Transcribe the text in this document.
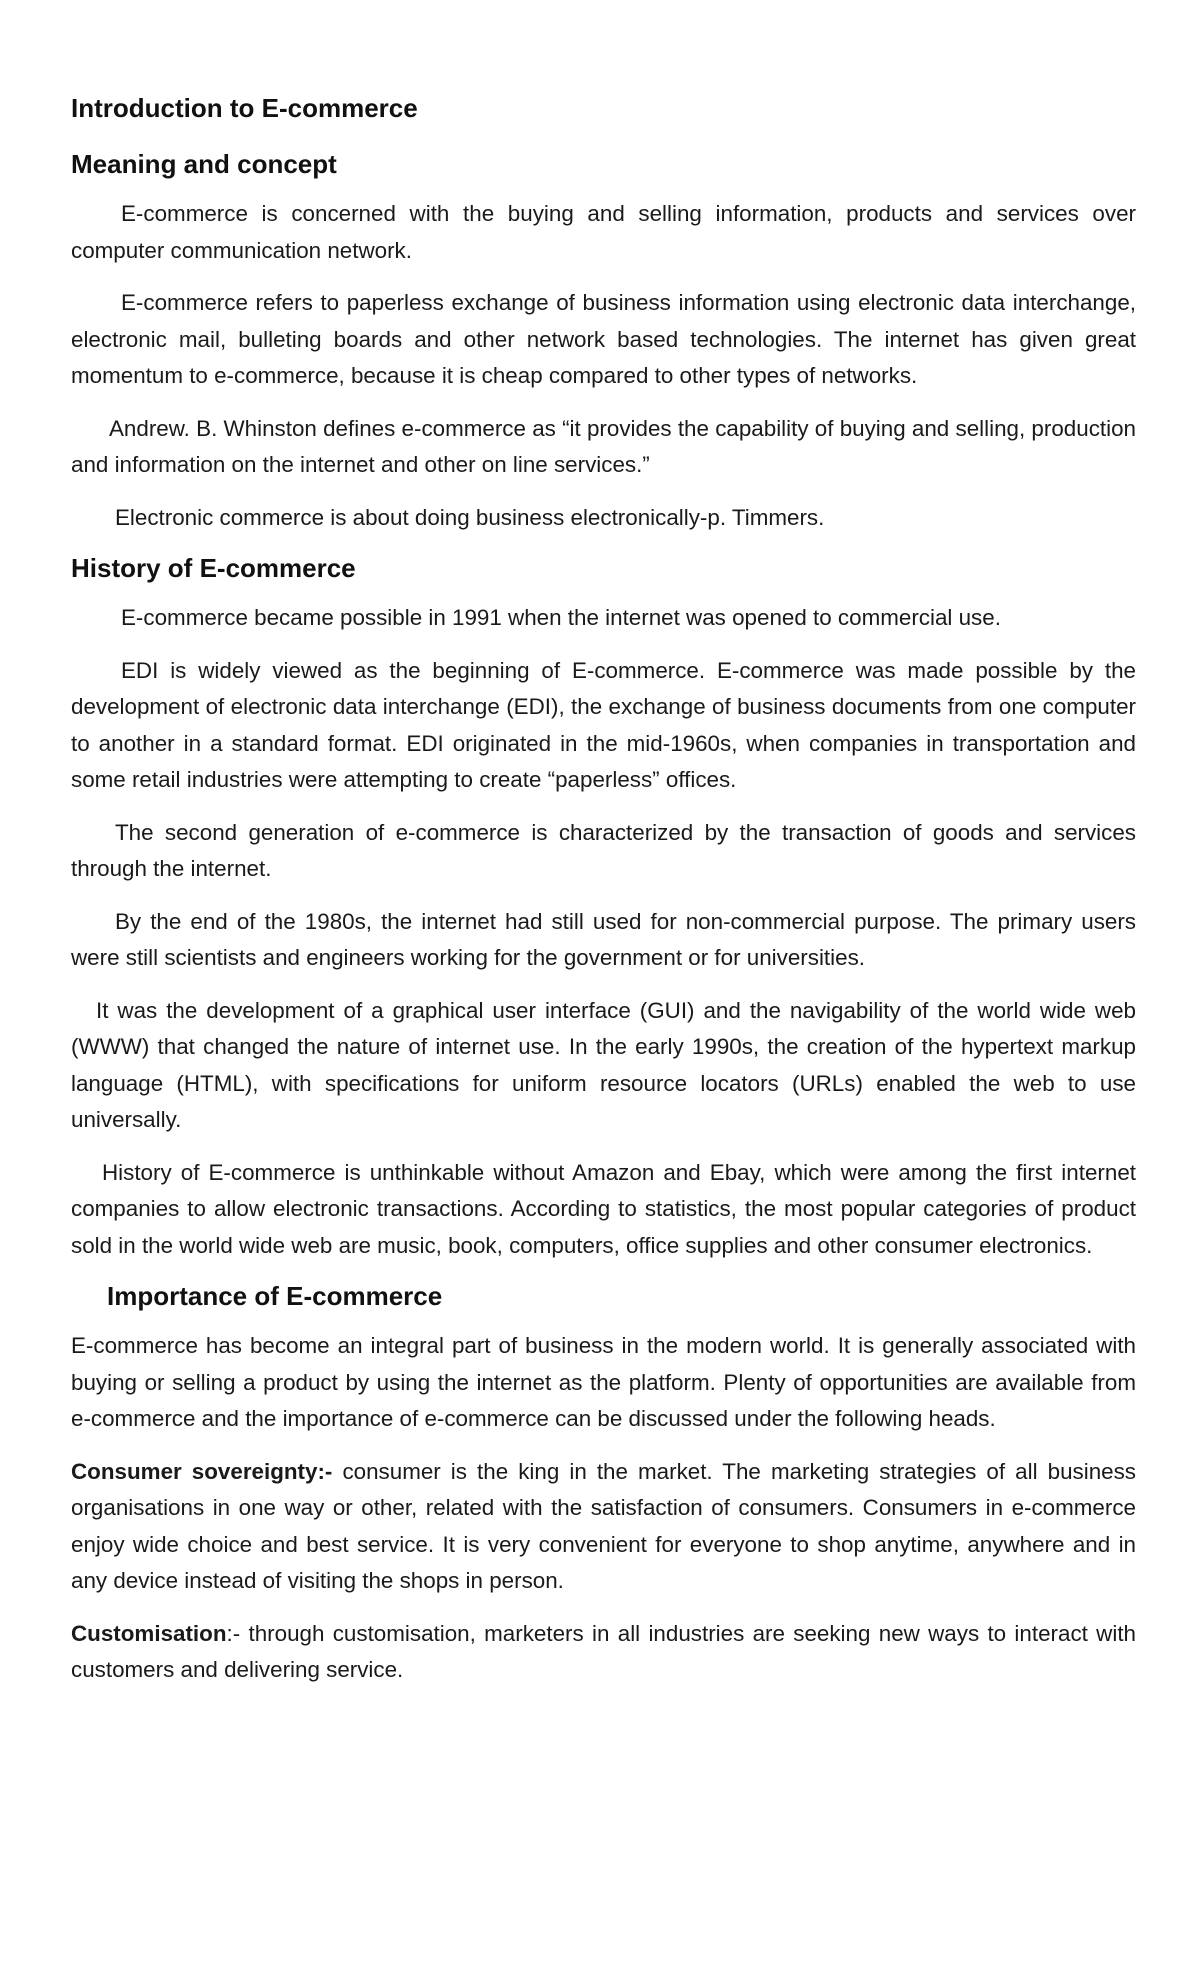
Introduction to E-commerce
Meaning and concept

E-commerce is concerned with the buying and selling information, products and services over computer communication network.

E-commerce refers to paperless exchange of business information using electronic data interchange, electronic mail, bulleting boards and other network based technologies. The internet has given great momentum to e-commerce, because it is cheap compared to other types of networks.

Andrew. B. Whinston defines e-commerce as “it provides the capability of buying and selling, production and information on the internet and other on line services.”

Electronic commerce is about doing business electronically-p. Timmers.

History of E-commerce

E-commerce became possible in 1991 when the internet was opened to commercial use.

EDI is widely viewed as the beginning of E-commerce. E-commerce was made possible by the development of electronic data interchange (EDI), the exchange of business documents from one computer to another in a standard format. EDI originated in the mid-1960s, when companies in transportation and some retail industries were attempting to create “paperless” offices.

The second generation of e-commerce is characterized by the transaction of goods and services through the internet.

By the end of the 1980s, the internet had still used for non-commercial purpose. The primary users were still scientists and engineers working for the government or for universities.

It was the development of a graphical user interface (GUI) and the navigability of the world wide web (WWW) that changed the nature of internet use. In the early 1990s, the creation of the hypertext markup language (HTML), with specifications for uniform resource locators (URLs) enabled the web to use universally.

History of E-commerce is unthinkable without Amazon and Ebay, which were among the first internet companies to allow electronic transactions. According to statistics, the most popular categories of product sold in the world wide web are music, book, computers, office supplies and other consumer electronics.

Importance of E-commerce

E-commerce has become an integral part of business in the modern world. It is generally associated with buying or selling a product by using the internet as the platform. Plenty of opportunities are available from e-commerce and the importance of e-commerce can be discussed under the following heads.

Consumer sovereignty:- consumer is the king in the market. The marketing strategies of all business organisations in one way or other, related with the satisfaction of consumers. Consumers in e-commerce enjoy wide choice and best service. It is very convenient for everyone to shop anytime, anywhere and in any device instead of visiting the shops in person.

Customisation:- through customisation, marketers in all industries are seeking new ways to interact with customers and delivering service.
